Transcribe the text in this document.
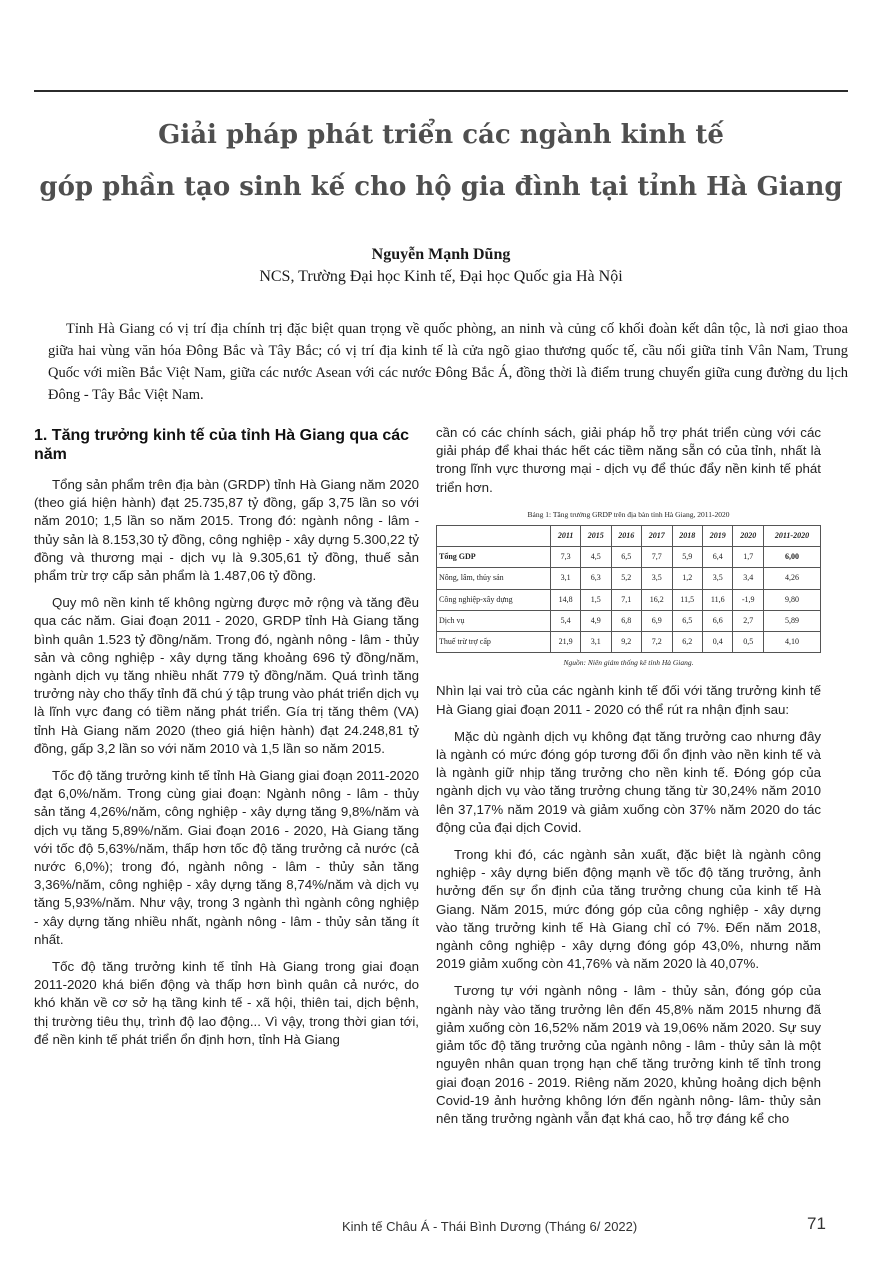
Giải pháp phát triển các ngành kinh tế
góp phần tạo sinh kế cho hộ gia đình tại tỉnh Hà Giang
Nguyễn Mạnh Dũng
NCS, Trường Đại học Kinh tế, Đại học Quốc gia Hà Nội

Tỉnh Hà Giang có vị trí địa chính trị đặc biệt quan trọng về quốc phòng, an ninh và củng cố khối đoàn kết dân tộc, là nơi giao thoa giữa hai vùng văn hóa Đông Bắc và Tây Bắc; có vị trí địa kinh tế là cửa ngõ giao thương quốc tế, cầu nối giữa tỉnh Vân Nam, Trung Quốc với miền Bắc Việt Nam, giữa các nước Asean với các nước Đông Bắc Á, đồng thời là điểm trung chuyển giữa cung đường du lịch Đông - Tây Bắc Việt Nam.

1. Tăng trưởng kinh tế của tỉnh Hà Giang qua các năm

Tổng sản phẩm trên địa bàn (GRDP) tỉnh Hà Giang năm 2020 (theo giá hiện hành) đạt 25.735,87 tỷ đồng, gấp 3,75 lần so với năm 2010; 1,5 lần so năm 2015. Trong đó: ngành nông - lâm - thủy sản là 8.153,30 tỷ đồng, công nghiệp - xây dựng 5.300,22 tỷ đồng và thương mại - dịch vụ là 9.305,61 tỷ đồng, thuế sản phẩm trừ trợ cấp sản phẩm là 1.487,06 tỷ đồng.

Quy mô nền kinh tế không ngừng được mở rộng và tăng đều qua các năm. Giai đoạn 2011 - 2020, GRDP tỉnh Hà Giang tăng bình quân 1.523 tỷ đồng/năm. Trong đó, ngành nông - lâm - thủy sản và công nghiệp - xây dựng tăng khoảng 696 tỷ đồng/năm, ngành dịch vụ tăng nhiều nhất 779 tỷ đồng/năm. Quá trình tăng trưởng này cho thấy tỉnh đã chú ý tập trung vào phát triển dịch vụ là lĩnh vực đang có tiềm năng phát triển. Gía trị tăng thêm (VA) tỉnh Hà Giang năm 2020 (theo giá hiện hành) đạt 24.248,81 tỷ đồng, gấp 3,2 lần so với năm 2010 và 1,5 lần so năm 2015.

Tốc độ tăng trưởng kinh tế tỉnh Hà Giang giai đoạn 2011-2020 đạt 6,0%/năm. Trong cùng giai đoạn: Ngành nông - lâm - thủy sản tăng 4,26%/năm, công nghiệp - xây dựng tăng 9,8%/năm và dịch vụ tăng 5,89%/năm. Giai đoạn 2016 - 2020, Hà Giang tăng với tốc độ 5,63%/năm, thấp hơn tốc độ tăng trưởng cả nước (cả nước 6,0%); trong đó, ngành nông - lâm - thủy sản tăng 3,36%/năm, công nghiệp - xây dựng tăng 8,74%/năm và dịch vụ tăng 5,93%/năm. Như vậy, trong 3 ngành thì ngành công nghiệp - xây dựng tăng nhiều nhất, ngành nông - lâm - thủy sản tăng ít nhất.

Tốc độ tăng trưởng kinh tế tỉnh Hà Giang trong giai đoạn 2011-2020 khá biến động và thấp hơn bình quân cả nước, do khó khăn về cơ sở hạ tầng kinh tế - xã hội, thiên tai, dịch bệnh, thị trường tiêu thụ, trình độ lao động... Vì vậy, trong thời gian tới, để nền kinh tế phát triển ổn định hơn, tỉnh Hà Giang

cần có các chính sách, giải pháp hỗ trợ phát triển cùng với các giải pháp để khai thác hết các tiềm năng sẵn có của tỉnh, nhất là trong lĩnh vực thương mại - dịch vụ để thúc đẩy nền kinh tế phát triển hơn.

Bảng 1: Tăng trưởng GRDP trên địa bàn tỉnh Hà Giang, 2011-2020
	2011	2015	2016	2017	2018	2019	2020	2011-2020
Tổng GDP	7,3	4,5	6,5	7,7	5,9	6,4	1,7	6,00
Nông, lâm, thủy sản	3,1	6,3	5,2	3,5	1,2	3,5	3,4	4,26
Công nghiệp-xây dựng	14,8	1,5	7,1	16,2	11,5	11,6	-1,9	9,80
Dịch vụ	5,4	4,9	6,8	6,9	6,5	6,6	2,7	5,89
Thuế trừ trợ cấp	21,9	3,1	9,2	7,2	6,2	0,4	0,5	4,10
Nguồn: Niên giám thống kê tỉnh Hà Giang.

Nhìn lại vai trò của các ngành kinh tế đối với tăng trưởng kinh tế Hà Giang giai đoạn 2011 - 2020 có thể rút ra nhận định sau:

Mặc dù ngành dịch vụ không đạt tăng trưởng cao nhưng đây là ngành có mức đóng góp tương đối ổn định vào nền kinh tế và là ngành giữ nhịp tăng trưởng cho nền kinh tế. Đóng góp của ngành dịch vụ vào tăng trưởng chung tăng từ 30,24% năm 2010 lên 37,17% năm 2019 và giảm xuống còn 37% năm 2020 do tác động của đại dịch Covid.

Trong khi đó, các ngành sản xuất, đặc biệt là ngành công nghiệp - xây dựng biến động mạnh về tốc độ tăng trưởng, ảnh hưởng đến sự ổn định của tăng trưởng chung của kinh tế Hà Giang. Năm 2015, mức đóng góp của công nghiệp - xây dựng vào tăng trưởng kinh tế Hà Giang chỉ có 7%. Đến năm 2018, ngành công nghiệp - xây dựng đóng góp 43,0%, nhưng năm 2019 giảm xuống còn 41,76% và năm 2020 là 40,07%.

Tương tự với ngành nông - lâm - thủy sản, đóng góp của ngành này vào tăng trưởng lên đến 45,8% năm 2015 nhưng đã giảm xuống còn 16,52% năm 2019 và 19,06% năm 2020. Sự suy giảm tốc độ tăng trưởng của ngành nông - lâm - thủy sản là một nguyên nhân quan trọng hạn chế tăng trưởng kinh tế tỉnh trong giai đoạn 2016 - 2019. Riêng năm 2020, khủng hoảng dịch bệnh Covid-19 ảnh hưởng không lớn đến ngành nông- lâm- thủy sản nên tăng trưởng ngành vẫn đạt khá cao, hỗ trợ đáng kể cho

Kinh tế Châu Á - Thái Bình Dương (Tháng 6/ 2022)	71
